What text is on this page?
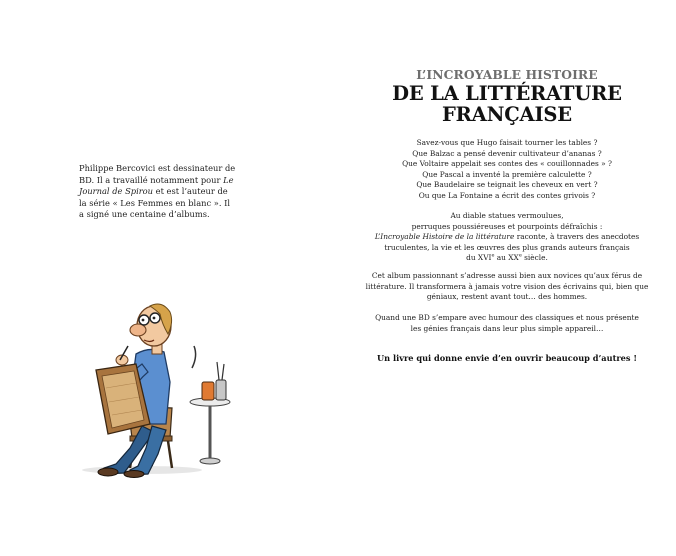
Philippe Bercovici est dessinateur de BD. Il a travaillé notamment pour Le Journal de Spirou et est l’auteur de la série « Les Femmes en blanc ». Il a signé une centaine d’albums.
L’INCROYABLE HISTOIRE
DE LA LITTÉRATURE
FRANÇAISE

Savez-vous que Hugo faisait tourner les tables ?

Que Balzac a pensé devenir cultivateur d’ananas ?

Que Voltaire appelait ses contes des « couillonnades » ?

Que Pascal a inventé la première calculette ?

Que Baudelaire se teignait les cheveux en vert ?

Ou que La Fontaine a écrit des contes grivois ?

Au diable statues vermoulues,

perruques poussiéreuses et pourpoints défraîchis :

L’Incroyable Histoire de la littérature raconte, à travers des anecdotes

truculentes, la vie et les œuvres des plus grands auteurs français

du XVIe au XXe siècle.

Cet album passionnant s’adresse aussi bien aux novices qu’aux férus de

littérature. Il transformera à jamais votre vision des écrivains qui, bien que

géniaux, restent avant tout… des hommes.

Quand une BD s’empare avec humour des classiques et nous présente

les génies français dans leur plus simple appareil…

Un livre qui donne envie d’en ouvrir beaucoup d’autres !
